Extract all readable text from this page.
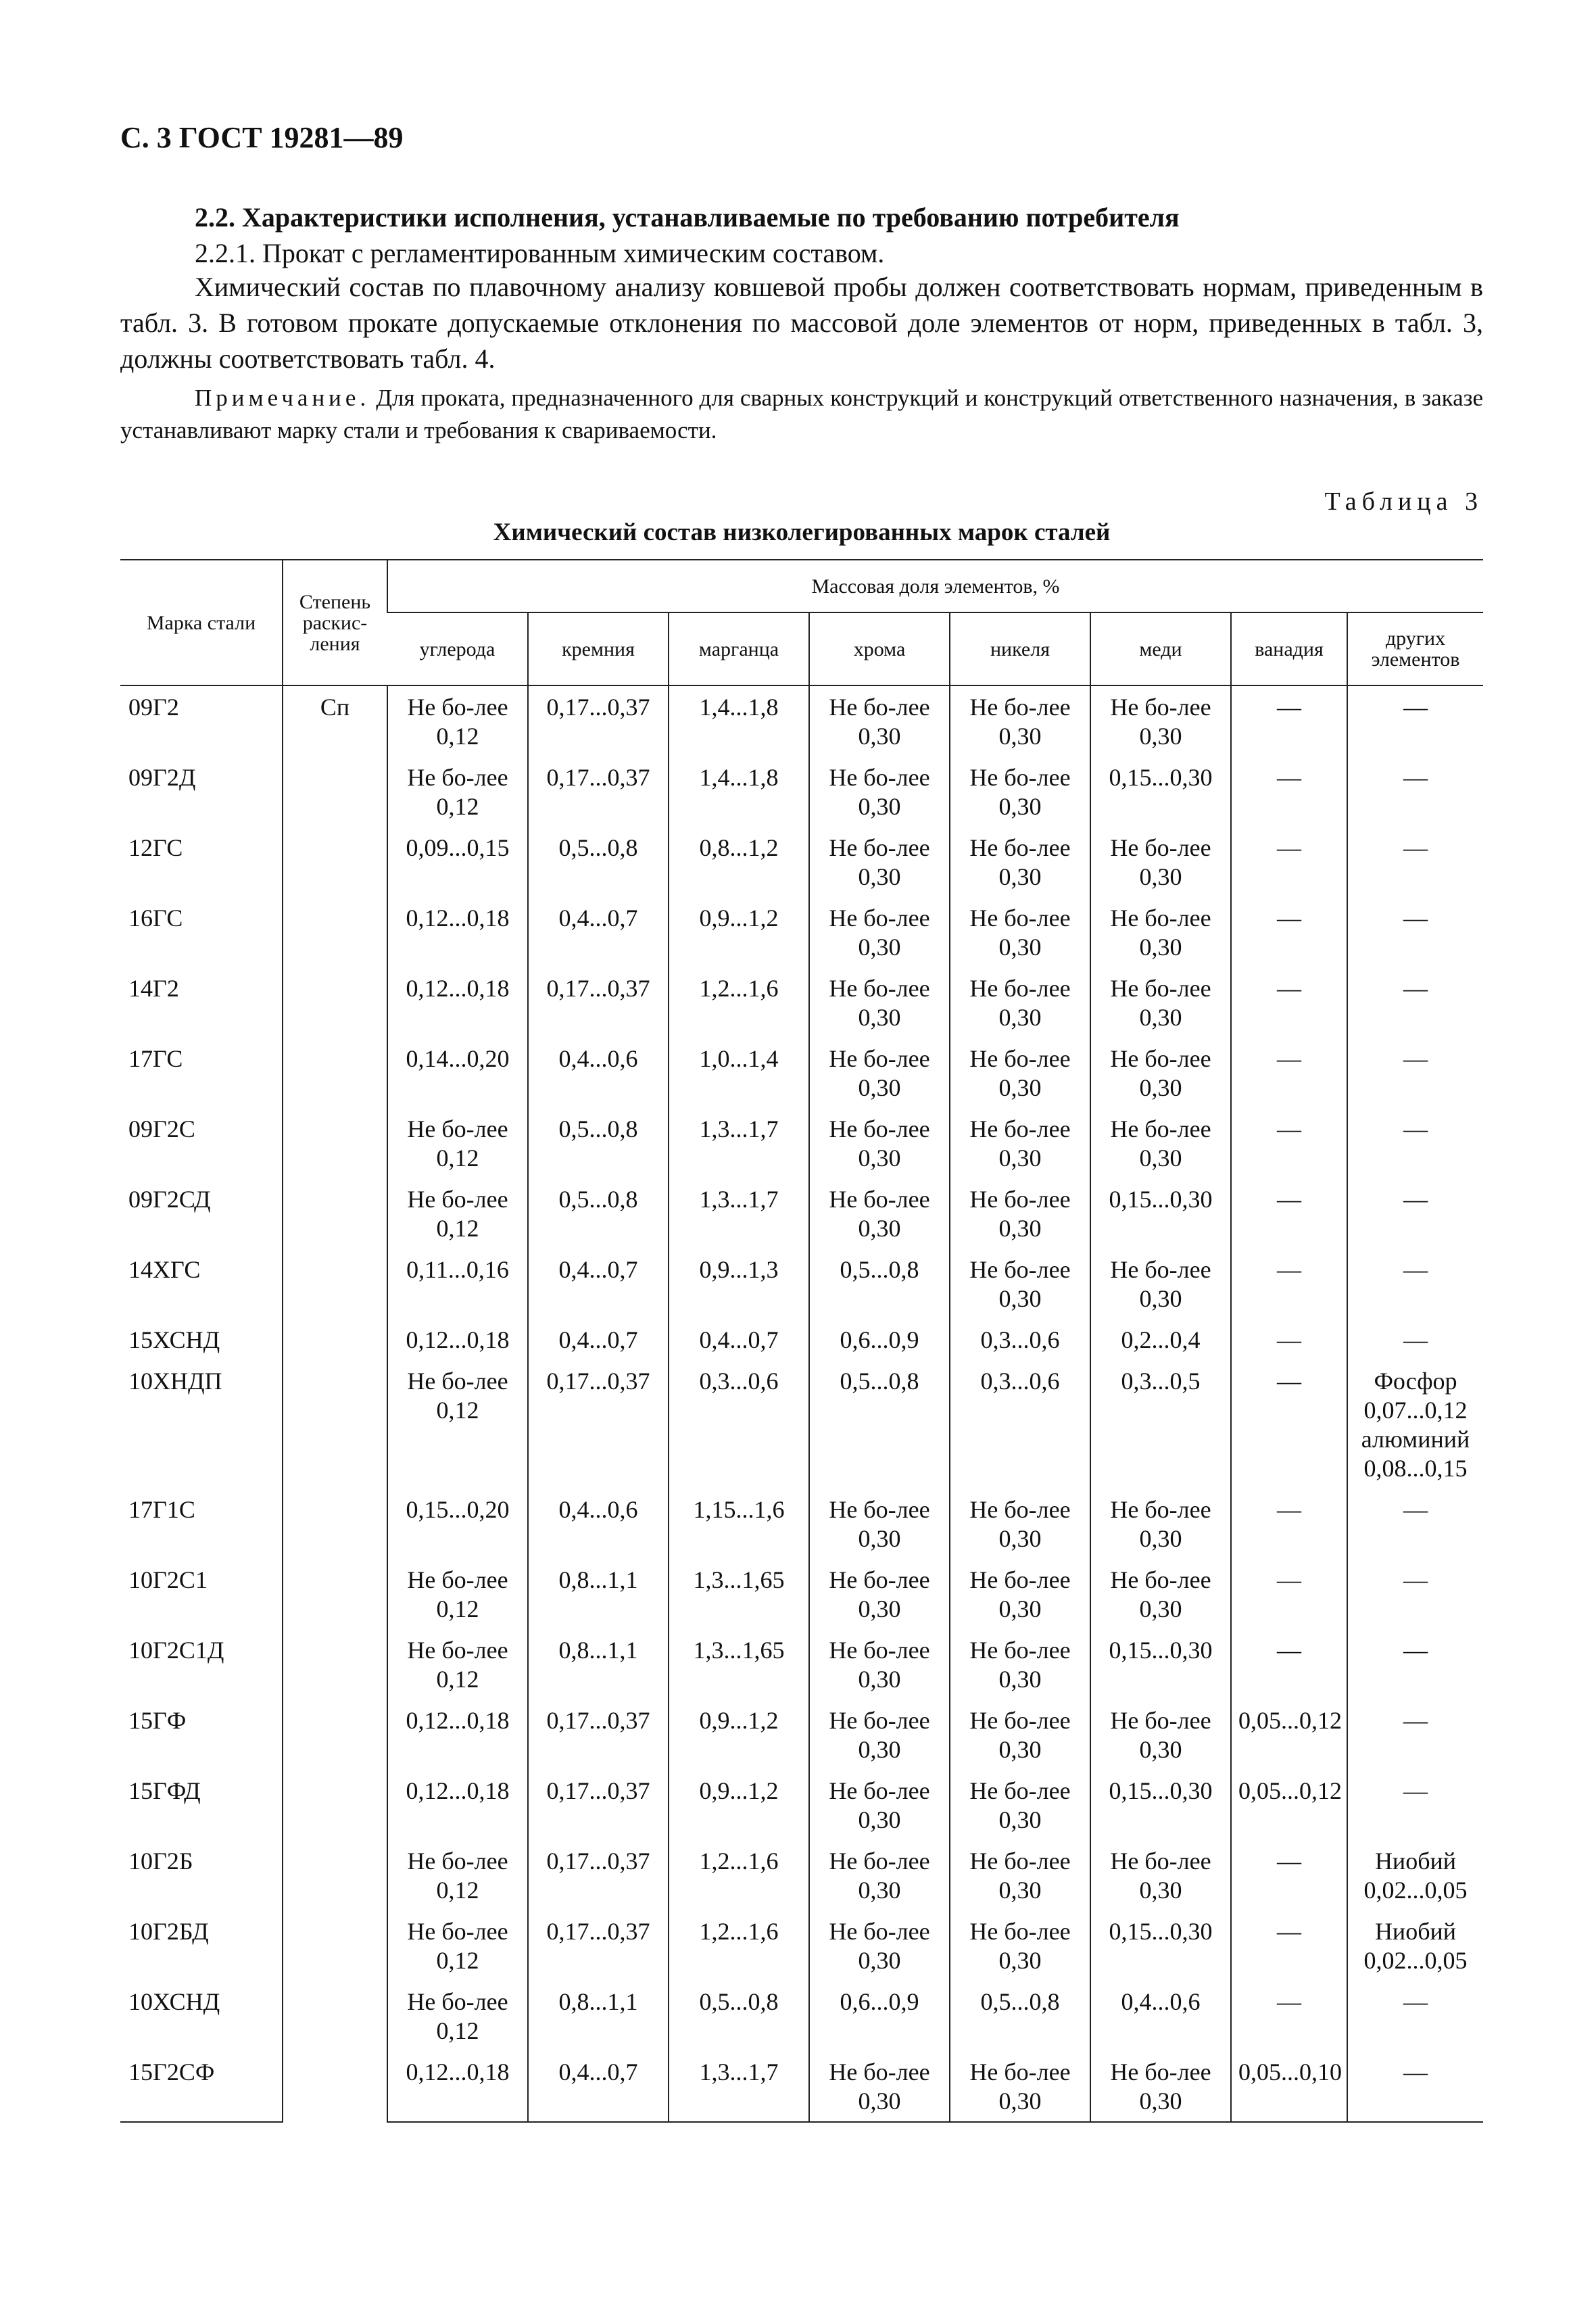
С. 3 ГОСТ 19281—89

2.2. Характеристики исполнения, устанавливаемые по требованию потребителя

2.2.1. Прокат с регламентированным химическим составом.

Химический состав по плавочному анализу ковшевой пробы должен соответствовать нормам, приведенным в табл. 3. В готовом прокате допускаемые отклонения по массовой доле элементов от норм, приведенных в табл. 3, должны соответствовать табл. 4.

Примечание. Для проката, предназначенного для сварных конструкций и конструкций ответственного назначения, в заказе устанавливают марку стали и требования к свариваемости.
Таблица 3
Химический состав низколегированных марок сталей
Марка стали	Степень раскис-ления	Массовая доля элементов, %							
		углерода	кремния	марганца	хрома	никеля	меди	ванадия	других элементов
09Г2	Сп	Не бо-лее 0,12	0,17...0,37	1,4...1,8	Не бо-лее 0,30	Не бо-лее 0,30	Не бо-лее 0,30	—	—
09Г2Д		Не бо-лее 0,12	0,17...0,37	1,4...1,8	Не бо-лее 0,30	Не бо-лее 0,30	0,15...0,30	—	—
12ГС		0,09...0,15	0,5...0,8	0,8...1,2	Не бо-лее 0,30	Не бо-лее 0,30	Не бо-лее 0,30	—	—
16ГС		0,12...0,18	0,4...0,7	0,9...1,2	Не бо-лее 0,30	Не бо-лее 0,30	Не бо-лее 0,30	—	—
14Г2		0,12...0,18	0,17...0,37	1,2...1,6	Не бо-лее 0,30	Не бо-лее 0,30	Не бо-лее 0,30	—	—
17ГС		0,14...0,20	0,4...0,6	1,0...1,4	Не бо-лее 0,30	Не бо-лее 0,30	Не бо-лее 0,30	—	—
09Г2С		Не бо-лее 0,12	0,5...0,8	1,3...1,7	Не бо-лее 0,30	Не бо-лее 0,30	Не бо-лее 0,30	—	—
09Г2СД		Не бо-лее 0,12	0,5...0,8	1,3...1,7	Не бо-лее 0,30	Не бо-лее 0,30	0,15...0,30	—	—
14ХГС		0,11...0,16	0,4...0,7	0,9...1,3	0,5...0,8	Не бо-лее 0,30	Не бо-лее 0,30	—	—
15ХСНД		0,12...0,18	0,4...0,7	0,4...0,7	0,6...0,9	0,3...0,6	0,2...0,4	—	—
10ХНДП		Не бо-лее 0,12	0,17...0,37	0,3...0,6	0,5...0,8	0,3...0,6	0,3...0,5	—	Фосфор 0,07...0,12 алюминий 0,08...0,15
17Г1С		0,15...0,20	0,4...0,6	1,15...1,6	Не бо-лее 0,30	Не бо-лее 0,30	Не бо-лее 0,30	—	—
10Г2С1		Не бо-лее 0,12	0,8...1,1	1,3...1,65	Не бо-лее 0,30	Не бо-лее 0,30	Не бо-лее 0,30	—	—
10Г2С1Д		Не бо-лее 0,12	0,8...1,1	1,3...1,65	Не бо-лее 0,30	Не бо-лее 0,30	0,15...0,30	—	—
15ГФ		0,12...0,18	0,17...0,37	0,9...1,2	Не бо-лее 0,30	Не бо-лее 0,30	Не бо-лее 0,30	0,05...0,12	—
15ГФД		0,12...0,18	0,17...0,37	0,9...1,2	Не бо-лее 0,30	Не бо-лее 0,30	0,15...0,30	0,05...0,12	—
10Г2Б		Не бо-лее 0,12	0,17...0,37	1,2...1,6	Не бо-лее 0,30	Не бо-лее 0,30	Не бо-лее 0,30	—	Ниобий 0,02...0,05
10Г2БД		Не бо-лее 0,12	0,17...0,37	1,2...1,6	Не бо-лее 0,30	Не бо-лее 0,30	0,15...0,30	—	Ниобий 0,02...0,05
10ХСНД		Не бо-лее 0,12	0,8...1,1	0,5...0,8	0,6...0,9	0,5...0,8	0,4...0,6	—	—
15Г2СФ		0,12...0,18	0,4...0,7	1,3...1,7	Не бо-лее 0,30	Не бо-лее 0,30	Не бо-лее 0,30	0,05...0,10	—
